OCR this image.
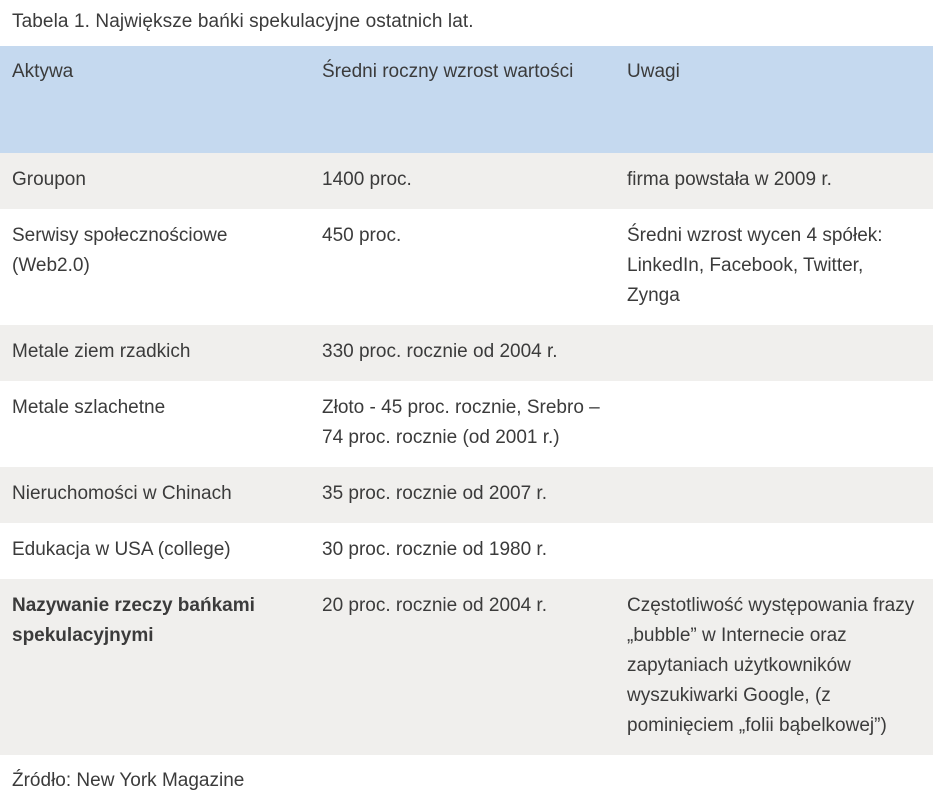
Tabela 1. Największe bańki spekulacyjne ostatnich lat.
Aktywa	Średni roczny wzrost wartości	Uwagi
Groupon	1400 proc.	firma powstała w 2009 r.
Serwisy społecznościowe (Web2.0)	450 proc.	Średni wzrost wycen 4 spółek: LinkedIn, Facebook, Twitter, Zynga
Metale ziem rzadkich	330 proc. rocznie od 2004 r.	
Metale szlachetne	Złoto - 45 proc. rocznie, Srebro – 74 proc. rocznie (od 2001 r.)	
Nieruchomości w Chinach	35 proc. rocznie od 2007 r.	
Edukacja w USA (college)	30 proc. rocznie od 1980 r.	
Nazywanie rzeczy bańkami spekulacyjnymi	20 proc. rocznie od 2004 r.	Częstotliwość występowania frazy „bubble” w Internecie oraz zapytaniach użytkowników wyszukiwarki Google, (z pominięciem „folii bąbelkowej”)
Źródło: New York Magazine
